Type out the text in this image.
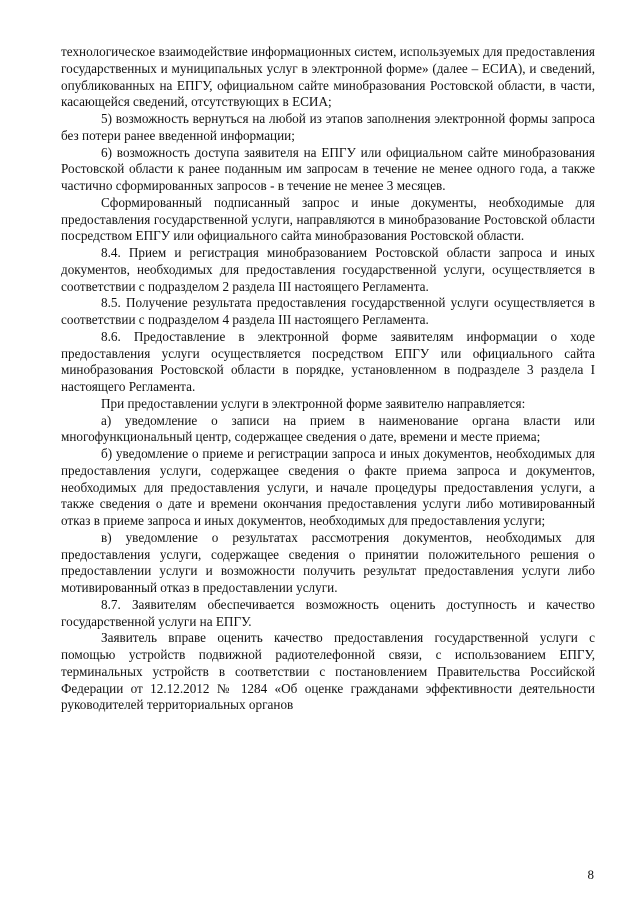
технологическое взаимодействие информационных систем, используемых для предоставления государственных и муниципальных услуг в электронной форме» (далее – ЕСИА), и сведений, опубликованных на ЕПГУ, официальном сайте минобразования Ростовской области, в части, касающейся сведений, отсутствующих в ЕСИА;

5) возможность вернуться на любой из этапов заполнения электронной формы запроса без потери ранее введенной информации;

6) возможность доступа заявителя на ЕПГУ или официальном сайте минобразования Ростовской области к ранее поданным им запросам в течение не менее одного года, а также частично сформированных запросов - в течение не менее 3 месяцев.

Сформированный подписанный запрос и иные документы, необходимые для предоставления государственной услуги, направляются в минобразование Ростовской области посредством ЕПГУ или официального сайта минобразования Ростовской области.

8.4. Прием и регистрация минобразованием Ростовской области запроса и иных документов, необходимых для предоставления государственной услуги, осуществляется в соответствии с подразделом 2 раздела III настоящего Регламента.

8.5. Получение результата предоставления государственной услуги осуществляется в соответствии с подразделом 4 раздела III настоящего Регламента.

8.6. Предоставление в электронной форме заявителям информации о ходе предоставления услуги осуществляется посредством ЕПГУ или официального сайта минобразования Ростовской области в порядке, установленном в подразделе 3 раздела I настоящего Регламента.

При предоставлении услуги в электронной форме заявителю направляется:

а) уведомление о записи на прием в наименование органа власти или многофункциональный центр, содержащее сведения о дате, времени и месте приема;

б) уведомление о приеме и регистрации запроса и иных документов, необходимых для предоставления услуги, содержащее сведения о факте приема запроса и документов, необходимых для предоставления услуги, и начале процедуры предоставления услуги, а также сведения о дате и времени окончания предоставления услуги либо мотивированный отказ в приеме запроса и иных документов, необходимых для предоставления услуги;

в) уведомление о результатах рассмотрения документов, необходимых для предоставления услуги, содержащее сведения о принятии положительного решения о предоставлении услуги и возможности получить результат предоставления услуги либо мотивированный отказ в предоставлении услуги.

8.7. Заявителям обеспечивается возможность оценить доступность и качество государственной услуги на ЕПГУ.

Заявитель вправе оценить качество предоставления государственной услуги с помощью устройств подвижной радиотелефонной связи, с использованием ЕПГУ, терминальных устройств в соответствии с постановлением Правительства Российской Федерации от 12.12.2012 № 1284 «Об оценке гражданами эффективности деятельности руководителей территориальных органов

8
